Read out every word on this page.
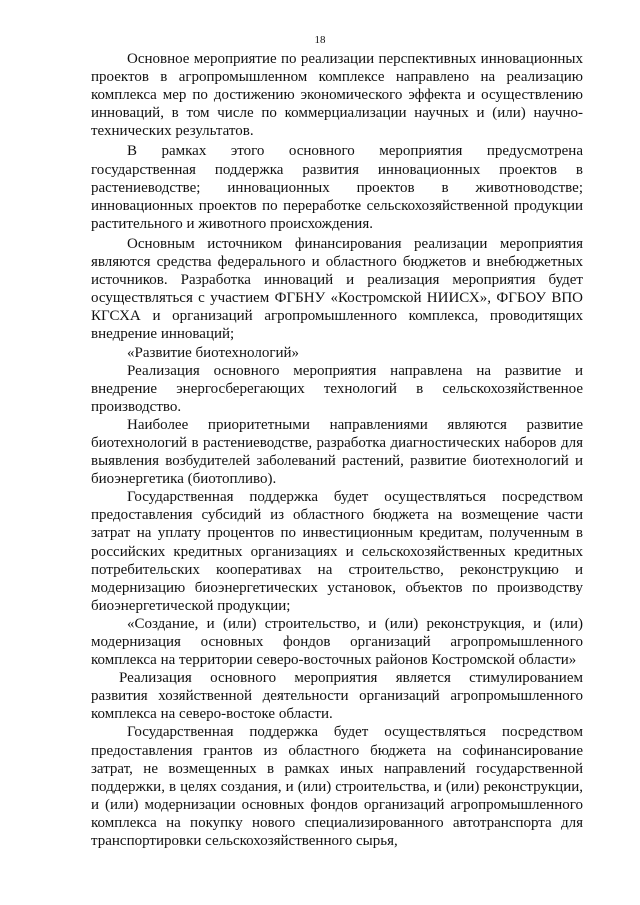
18

Основное мероприятие по реализации перспективных инновационных проектов в агропромышленном комплексе направлено на реализацию комплекса мер по достижению экономического эффекта и осуществлению инноваций, в том числе по коммерциализации научных и (или) научно-технических результатов.

В рамках этого основного мероприятия предусмотрена государственная поддержка развития инновационных проектов в растениеводстве; инновационных проектов в животноводстве; инновационных проектов по переработке сельскохозяйственной продукции растительного и животного происхождения.

Основным источником финансирования реализации мероприятия являются средства федерального и областного бюджетов и внебюджетных источников. Разработка инноваций и реализация мероприятия будет осуществляться с участием ФГБНУ «Костромской НИИСХ», ФГБОУ ВПО КГСХА и организаций агропромышленного комплекса, проводитящих внедрение инноваций;

«Развитие биотехнологий»

Реализация основного мероприятия направлена на развитие и внедрение энергосберегающих технологий в сельскохозяйственное производство.

Наиболее приоритетными направлениями являются развитие биотехнологий в растениеводстве, разработка диагностических наборов для выявления возбудителей заболеваний растений, развитие биотехнологий и биоэнергетика (биотопливо).

Государственная поддержка будет осуществляться посредством предоставления субсидий из областного бюджета на возмещение части затрат на уплату процентов по инвестиционным кредитам, полученным в российских кредитных организациях и сельскохозяйственных кредитных потребительских кооперативах на строительство, реконструкцию и модернизацию биоэнергетических установок, объектов по производству биоэнергетической продукции;

«Создание, и (или) строительство, и (или) реконструкция, и (или) модернизация основных фондов организаций агропромышленного комплекса на территории северо-восточных районов Костромской области»

Реализация основного мероприятия является стимулированием развития хозяйственной деятельности организаций агропромышленного комплекса на северо-востоке области.

Государственная поддержка будет осуществляться посредством предоставления грантов из областного бюджета на софинансирование затрат, не возмещенных в рамках иных направлений государственной поддержки, в целях создания, и (или) строительства, и (или) реконструкции, и (или) модернизации основных фондов организаций агропромышленного комплекса на покупку нового специализированного автотранспорта для транспортировки сельскохозяйственного сырья,
